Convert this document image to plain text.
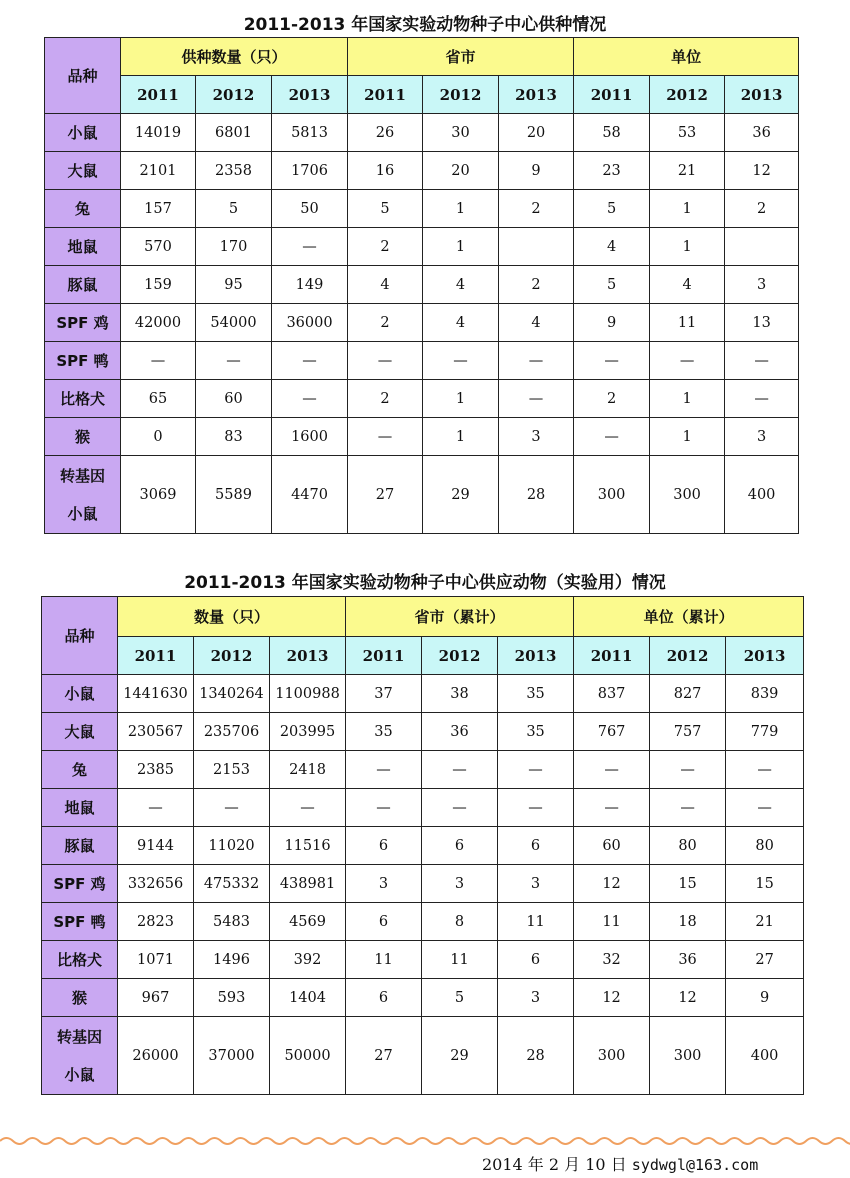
2011-2013 年国家实验动物种子中心供种情况
品种	供种数量（只）			省市			单位		
	2011	2012	2013	2011	2012	2013	2011	2012	2013
小鼠	14019	6801	5813	26	30	20	58	53	36
大鼠	2101	2358	1706	16	20	9	23	21	12
兔	157	5	50	5	1	2	5	1	2
地鼠	570	170	—	2	1		4	1	
豚鼠	159	95	149	4	4	2	5	4	3
SPF 鸡	42000	54000	36000	2	4	4	9	11	13
SPF 鸭	—	—	—	—	—	—	—	—	—
比格犬	65	60	—	2	1	—	2	1	—
猴	0	83	1600	—	1	3	—	1	3

转基因
小鼠	3069	5589	4470	27	29	28	300	300	400
2011-2013 年国家实验动物种子中心供应动物（实验用）情况
品种	数量（只）			省市（累计）			单位（累计）		
	2011	2012	2013	2011	2012	2013	2011	2012	2013
小鼠	1441630	1340264	1100988	37	38	35	837	827	839
大鼠	230567	235706	203995	35	36	35	767	757	779
兔	2385	2153	2418	—	—	—	—	—	—
地鼠	—	—	—	—	—	—	—	—	—
豚鼠	9144	11020	11516	6	6	6	60	80	80
SPF 鸡	332656	475332	438981	3	3	3	12	15	15
SPF 鸭	2823	5483	4569	6	8	11	11	18	21
比格犬	1071	1496	392	11	11	6	32	36	27
猴	967	593	1404	6	5	3	12	12	9

转基因
小鼠	26000	37000	50000	27	29	28	300	300	400
2014 年 2 月 10 日 sydwgl@163.com
